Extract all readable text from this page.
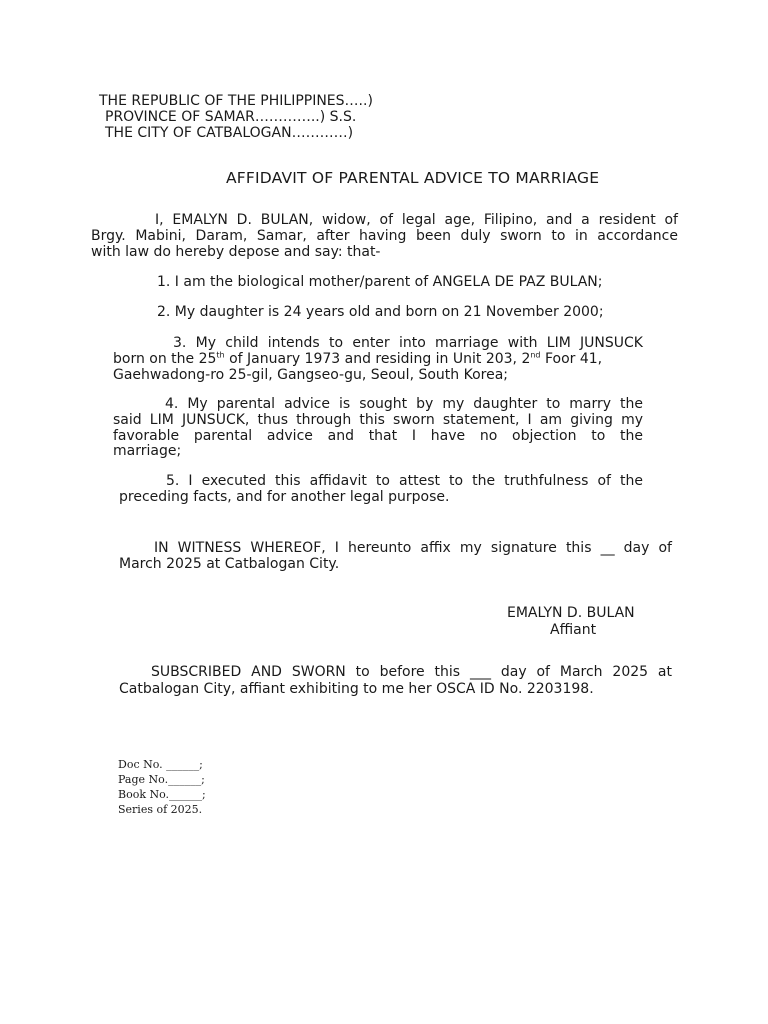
THE REPUBLIC OF THE PHILIPPINES…..)
PROVINCE OF SAMAR…………..) S.S.
THE CITY OF CATBALOGAN…………)
AFFIDAVIT OF PARENTAL ADVICE TO MARRIAGE
I, EMALYN D. BULAN, widow, of legal age, Filipino, and a resident of
Brgy. Mabini, Daram, Samar, after having been duly sworn to in accordance
with law do hereby depose and say: that-
1. I am the biological mother/parent of ANGELA DE PAZ BULAN;
2. My daughter is 24 years old and born on 21 November 2000;
3. My child intends to enter into marriage with LIM JUNSUCK
born on the 25th of January 1973 and residing in Unit 203, 2nd Foor 41,
Gaehwadong-ro 25-gil, Gangseo-gu, Seoul, South Korea;
4. My parental advice is sought by my daughter to marry the
said LIM JUNSUCK, thus through this sworn statement, I am giving my
favorable parental advice and that I have no objection to the
marriage;
5. I executed this affidavit to attest to the truthfulness of the
preceding facts, and for another legal purpose.
IN WITNESS WHEREOF, I hereunto affix my signature this __ day of
March 2025 at Catbalogan City.
EMALYN D. BULAN
Affiant
SUBSCRIBED AND SWORN to before this ___ day of March 2025 at
Catbalogan City, affiant exhibiting to me her OSCA ID No. 2203198.
Doc No. ______;
Page No.______;
Book No.______;
Series of 2025.
